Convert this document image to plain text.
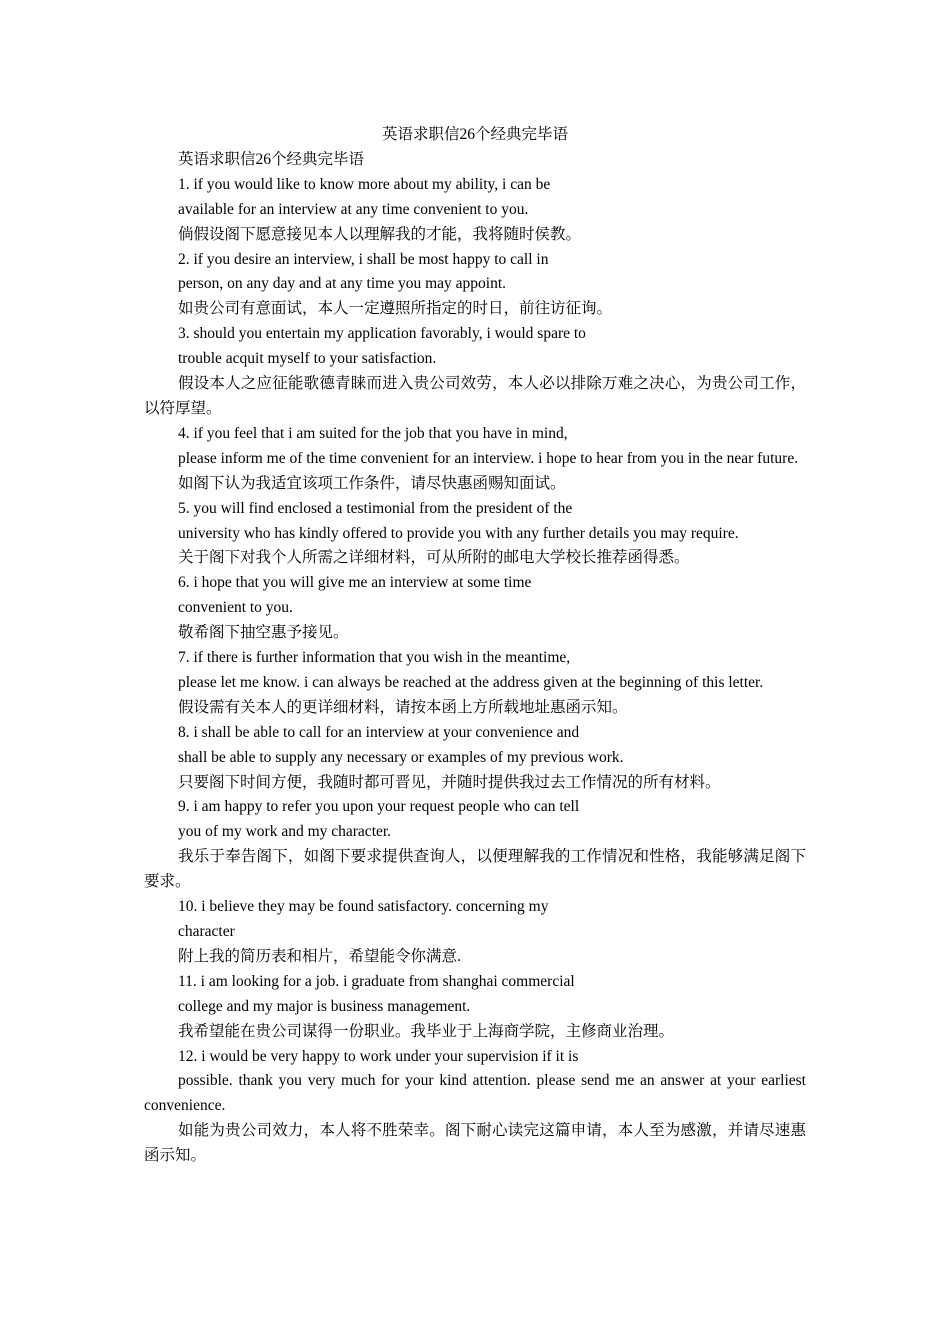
英语求职信26个经典完毕语

英语求职信26个经典完毕语

1. if you would like to know more about my ability, i can be

available for an interview at any time convenient to you.

倘假设阁下愿意接见本人以理解我的才能，我将随时侯教。

2. if you desire an interview, i shall be most happy to call in

person, on any day and at any time you may appoint.

如贵公司有意面试，本人一定遵照所指定的时日，前往访征询。

3. should you entertain my application favorably, i would spare to

trouble acquit myself to your satisfaction.

假设本人之应征能歌德青睐而进入贵公司效劳，本人必以排除万难之决心，为贵公司工作，以符厚望。

4. if you feel that i am suited for the job that you have in mind,

please inform me of the time convenient for an interview. i hope to hear from you in the near future.

如阁下认为我适宜该项工作条件，请尽快惠函赐知面试。

5. you will find enclosed a testimonial from the president of the

university who has kindly offered to provide you with any further details you may require.

关于阁下对我个人所需之详细材料，可从所附的邮电大学校长推荐函得悉。

6. i hope that you will give me an interview at some time

convenient to you.

敬希阁下抽空惠予接见。

7. if there is further information that you wish in the meantime,

please let me know. i can always be reached at the address given at the beginning of this letter.

假设需有关本人的更详细材料，请按本函上方所载地址惠函示知。

8. i shall be able to call for an interview at your convenience and

shall be able to supply any necessary or examples of my previous work.

只要阁下时间方便，我随时都可晋见，并随时提供我过去工作情况的所有材料。

9. i am happy to refer you upon your request people who can tell

you of my work and my character.

我乐于奉告阁下，如阁下要求提供查询人，以便理解我的工作情况和性格，我能够满足阁下要求。

10. i believe they may be found satisfactory. concerning my

character

附上我的简历表和相片，希望能令你满意.

11. i am looking for a job. i graduate from shanghai commercial

college and my major is business management.

我希望能在贵公司谋得一份职业。我毕业于上海商学院，主修商业治理。

12. i would be very happy to work under your supervision if it is

possible. thank you very much for your kind attention. please send me an answer at your earliest convenience.

如能为贵公司效力，本人将不胜荣幸。阁下耐心读完这篇申请，本人至为感激，并请尽速惠函示知。
